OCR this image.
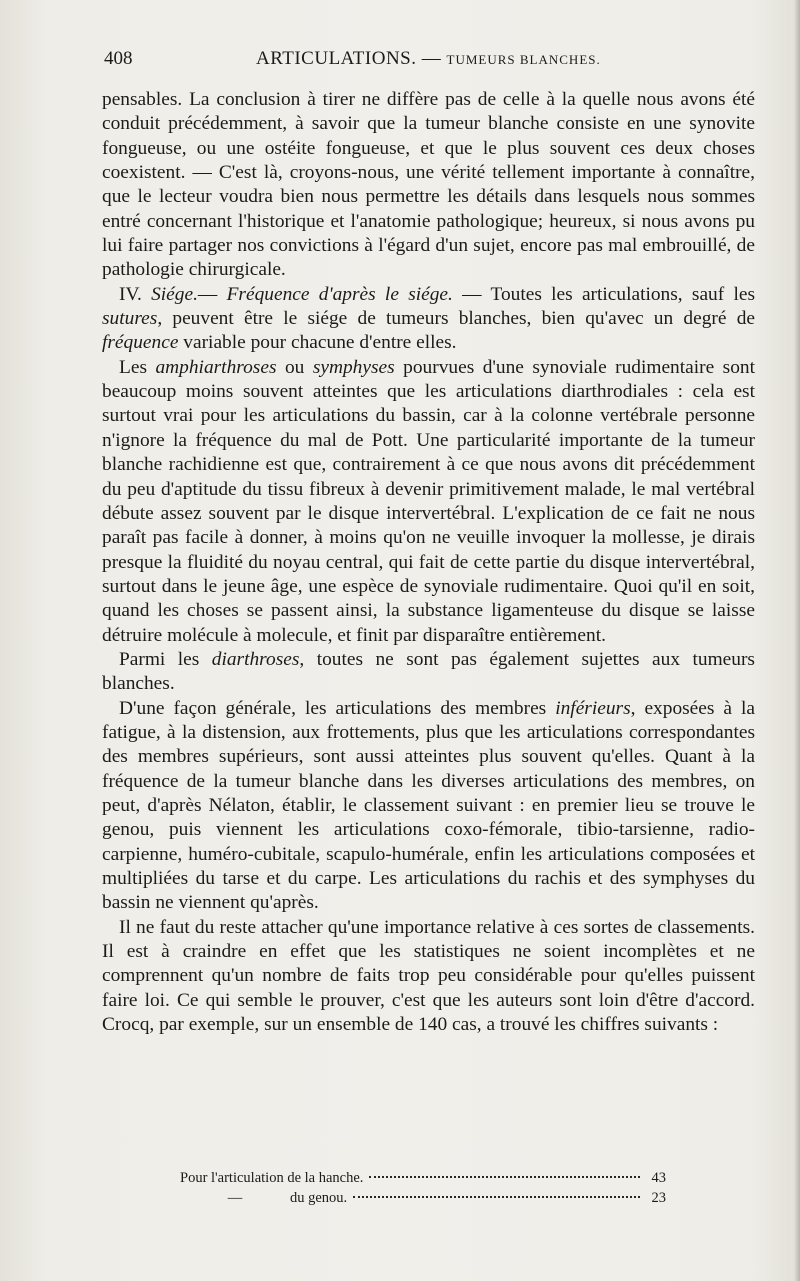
408	ARTICULATIONS. — TUMEURS BLANCHES.

pensables. La conclusion à tirer ne diffère pas de celle à la quelle nous avons été conduit précédemment, à savoir que la tumeur blanche consiste en une synovite fongueuse, ou une ostéite fongueuse, et que le plus souvent ces deux choses coexistent. — C'est là, croyons-nous, une vérité tellement importante à connaître, que le lecteur voudra bien nous permettre les détails dans lesquels nous sommes entré concernant l'historique et l'anatomie pathologique; heureux, si nous avons pu lui faire partager nos convictions à l'égard d'un sujet, encore pas mal embrouillé, de pathologie chirurgicale.

IV. Siége.— Fréquence d'après le siége. — Toutes les articulations, sauf les sutures, peuvent être le siége de tumeurs blanches, bien qu'avec un degré de fréquence variable pour chacune d'entre elles.

Les amphiarthroses ou symphyses pourvues d'une synoviale rudimentaire sont beaucoup moins souvent atteintes que les articulations diarthrodiales : cela est surtout vrai pour les articulations du bassin, car à la colonne vertébrale personne n'ignore la fréquence du mal de Pott. Une particularité importante de la tumeur blanche rachidienne est que, contrairement à ce que nous avons dit précédemment du peu d'aptitude du tissu fibreux à devenir primitivement malade, le mal vertébral débute assez souvent par le disque intervertébral. L'explication de ce fait ne nous paraît pas facile à donner, à moins qu'on ne veuille invoquer la mollesse, je dirais presque la fluidité du noyau central, qui fait de cette partie du disque intervertébral, surtout dans le jeune âge, une espèce de synoviale rudimentaire. Quoi qu'il en soit, quand les choses se passent ainsi, la substance ligamenteuse du disque se laisse détruire molécule à molecule, et finit par disparaître entièrement.

Parmi les diarthroses, toutes ne sont pas également sujettes aux tumeurs blanches.

D'une façon générale, les articulations des membres inférieurs, exposées à la fatigue, à la distension, aux frottements, plus que les articulations correspondantes des membres supérieurs, sont aussi atteintes plus souvent qu'elles. Quant à la fréquence de la tumeur blanche dans les diverses articulations des membres, on peut, d'après Nélaton, établir, le classement suivant : en premier lieu se trouve le genou, puis viennent les articulations coxo-fémorale, tibio-tarsienne, radio-carpienne, huméro-cubitale, scapulo-humérale, enfin les articulations composées et multipliées du tarse et du carpe. Les articulations du rachis et des symphyses du bassin ne viennent qu'après.

Il ne faut du reste attacher qu'une importance relative à ces sortes de classements. Il est à craindre en effet que les statistiques ne soient incomplètes et ne comprennent qu'un nombre de faits trop peu considérable pour qu'elles puissent faire loi. Ce qui semble le prouver, c'est que les auteurs sont loin d'être d'accord. Crocq, par exemple, sur un ensemble de 140 cas, a trouvé les chiffres suivants :

Pour l'articulation de la hanche.	43
—	du genou.	23
